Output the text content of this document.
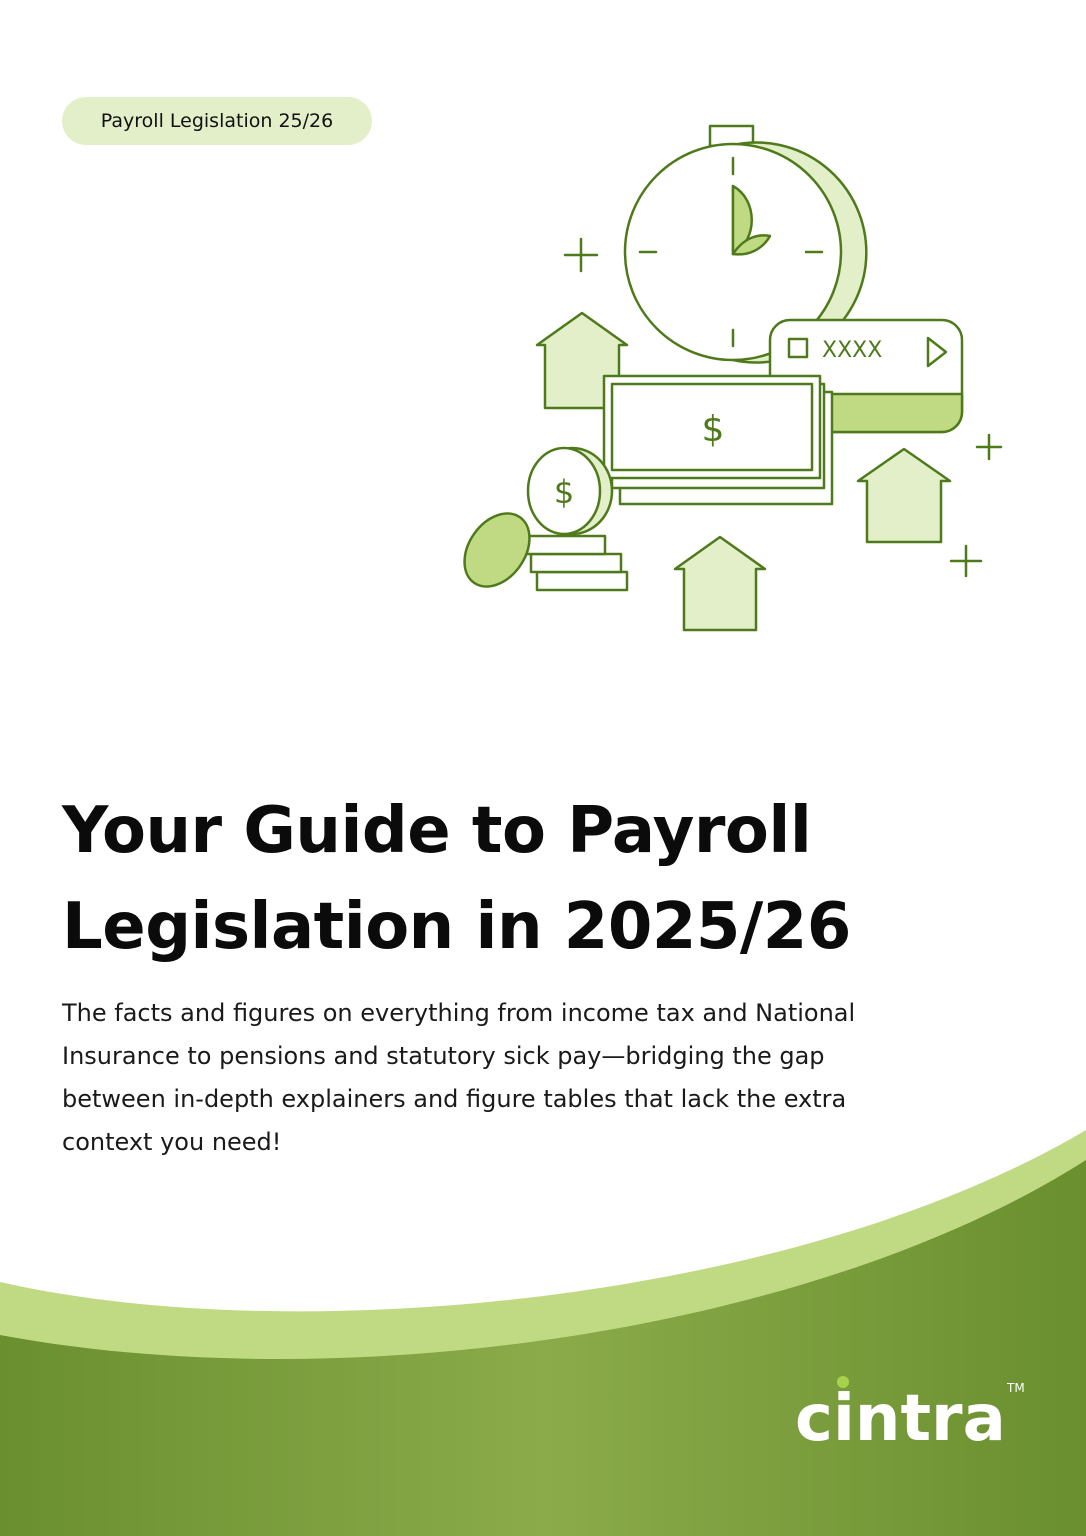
Payroll Legislation 25/26
XXXX
$
$
Your Guide to Payroll
Legislation in 2025/26

The facts and figures on everything from income tax and National Insurance to pensions and statutory sick pay—bridging the gap between in-depth explainers and figure tables that lack the extra context you need!

cintra TM
